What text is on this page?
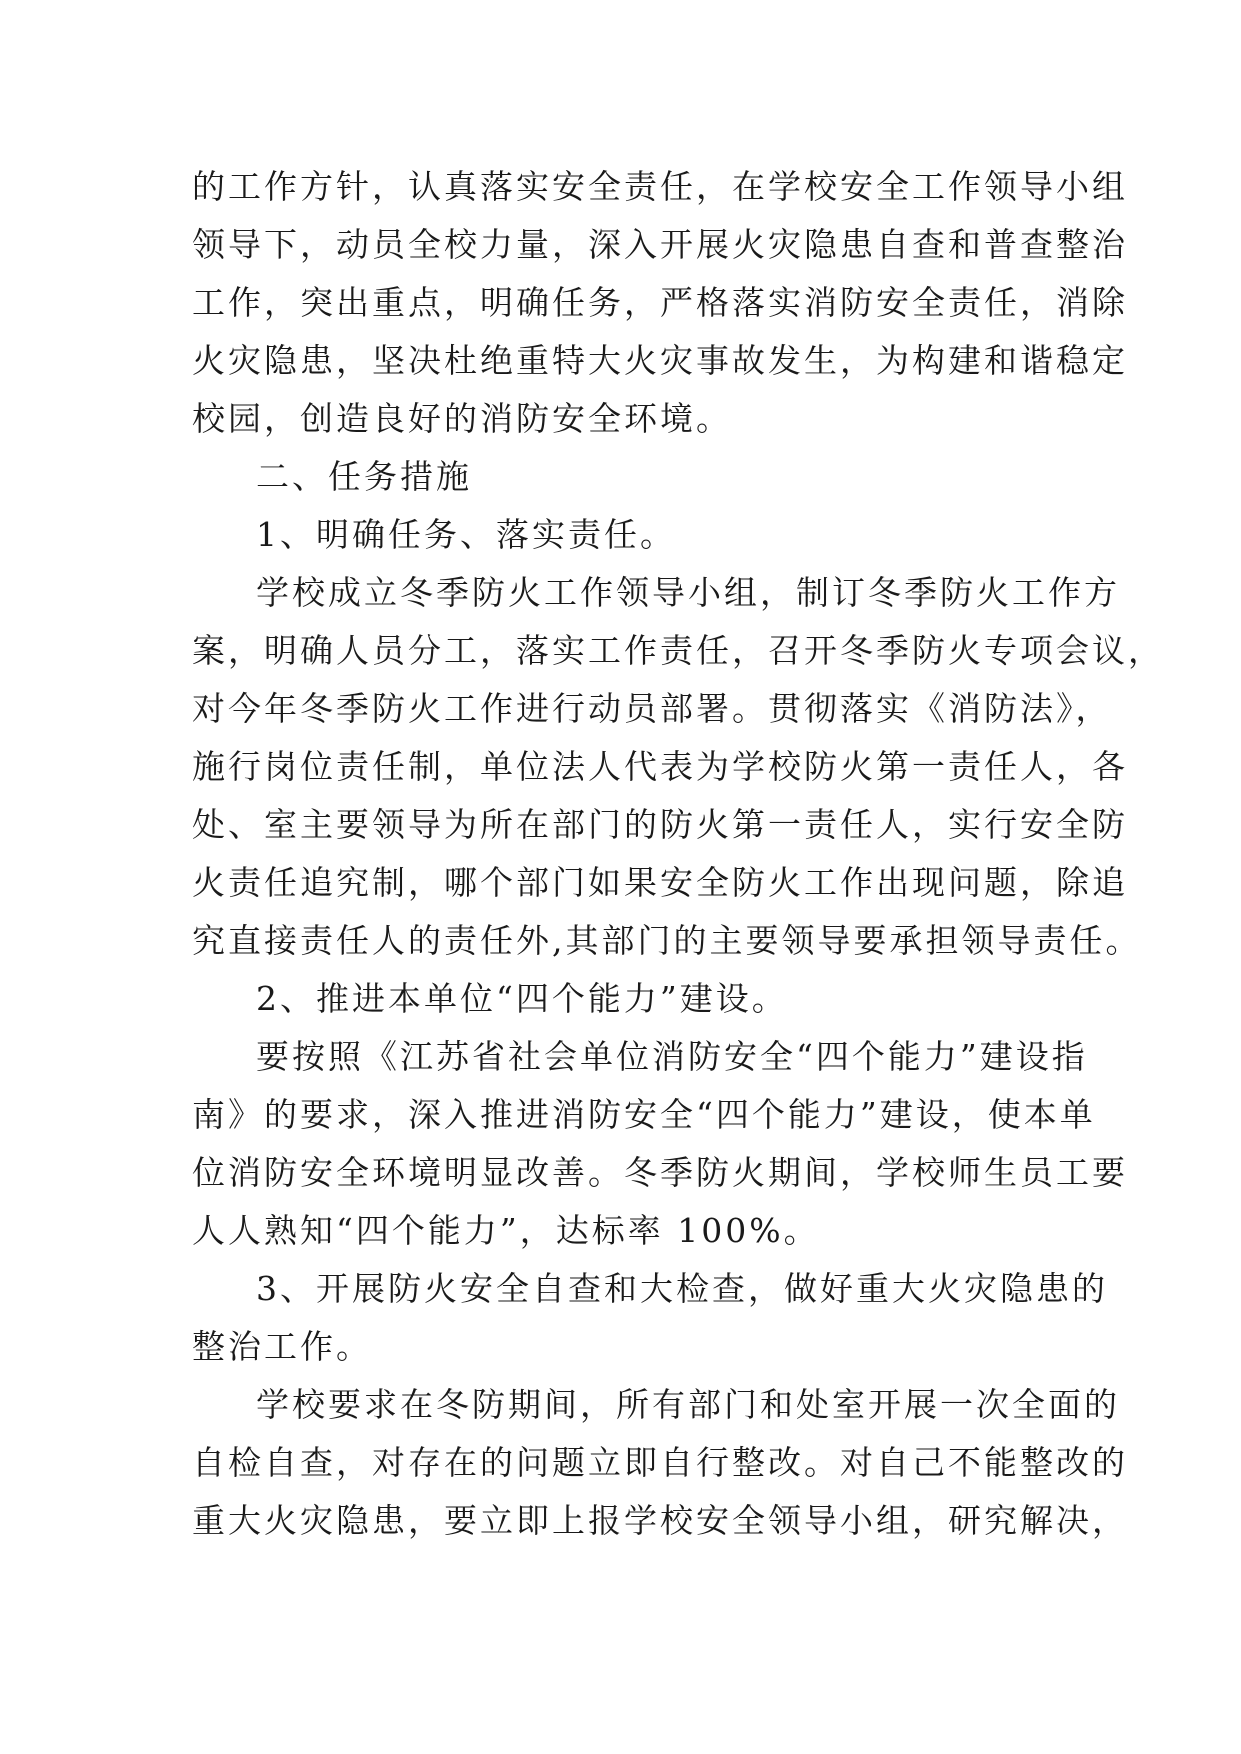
的工作方针，认真落实安全责任，在学校安全工作领导小组
领导下，动员全校力量，深入开展火灾隐患自查和普查整治
工作，突出重点，明确任务，严格落实消防安全责任，消除
火灾隐患，坚决杜绝重特大火灾事故发生，为构建和谐稳定
校园，创造良好的消防安全环境。
二、任务措施
1、明确任务、落实责任。
学校成立冬季防火工作领导小组，制订冬季防火工作方
案，明确人员分工，落实工作责任，召开冬季防火专项会议，
对今年冬季防火工作进行动员部署。贯彻落实《消防法》，
施行岗位责任制，单位法人代表为学校防火第一责任人，各
处、室主要领导为所在部门的防火第一责任人，实行安全防
火责任追究制，哪个部门如果安全防火工作出现问题，除追
究直接责任人的责任外,其部门的主要领导要承担领导责任。
2、推进本单位“四个能力”建设。
要按照《江苏省社会单位消防安全“四个能力”建设指
南》的要求，深入推进消防安全“四个能力”建设，使本单
位消防安全环境明显改善。冬季防火期间，学校师生员工要
人人熟知“四个能力”，达标率 100%。
3、开展防火安全自查和大检查，做好重大火灾隐患的
整治工作。
学校要求在冬防期间，所有部门和处室开展一次全面的
自检自查，对存在的问题立即自行整改。对自己不能整改的
重大火灾隐患，要立即上报学校安全领导小组，研究解决，
